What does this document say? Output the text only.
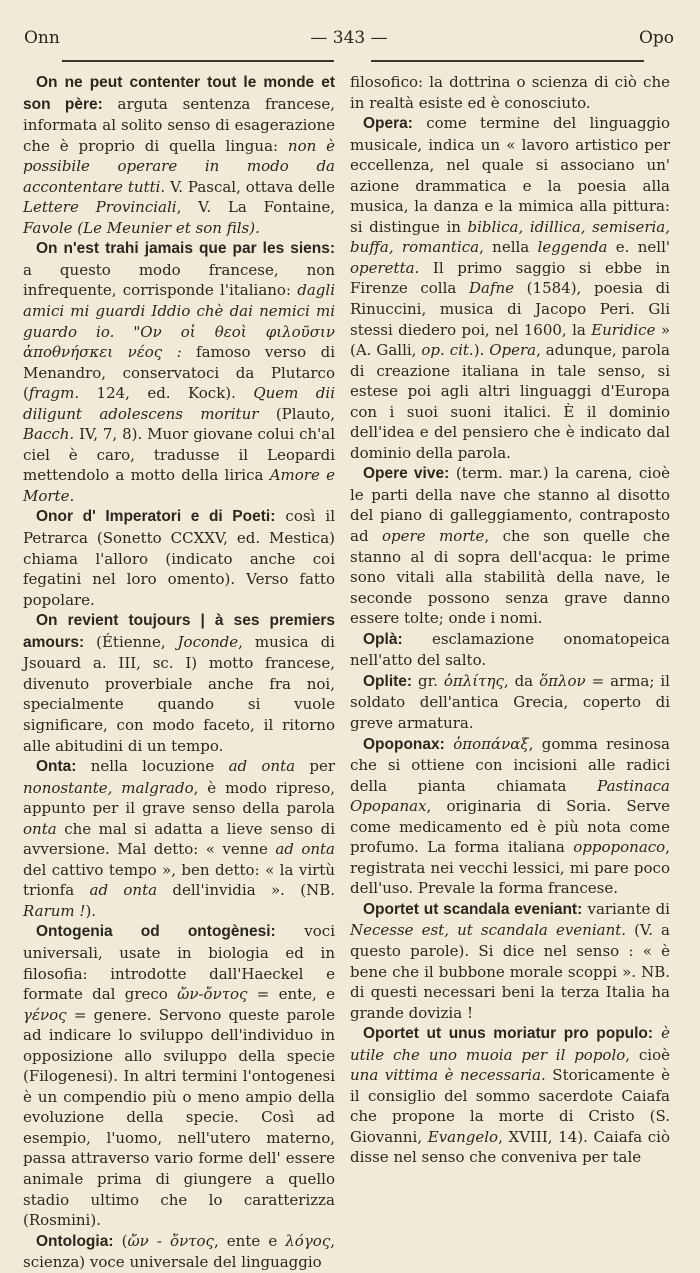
Onn	— 343 —	Opo

On ne peut contenter tout le monde et son père: arguta sentenza francese, informata al solito senso di esagerazione che è proprio di quella lingua: non è possibile operare in modo da accontentare tutti. V. Pascal, ottava delle Lettere Provinciali, V. La Fontaine, Favole (Le Meunier et son fils).

On n'est trahi jamais que par les siens: a questo modo francese, non infrequente, corrisponde l'italiano: dagli amici mi guardi Iddio chè dai nemici mi guardo io. "Ον οἱ θεοὶ φιλοῦσιν ἀποθνήσκει νέος : famoso verso di Menandro, conservatoci da Plutarco (fragm. 124, ed. Kock). Quem dii diligunt adolescens moritur (Plauto, Bacch. IV, 7, 8). Muor giovane colui ch'al ciel è caro, tradusse il Leopardi mettendolo a motto della lirica Amore e Morte.

Onor d' Imperatori e di Poeti: così il Petrarca (Sonetto CCXXV, ed. Mestica) chiama l'alloro (indicato anche coi fegatini nel loro omento). Verso fatto popolare.

On revient toujours | à ses premiers amours: (Étienne, Joconde, musica di Jsouard a. III, sc. I) motto francese, divenuto proverbiale anche fra noi, specialmente quando si vuole significare, con modo faceto, il ritorno alle abitudini di un tempo.

Onta: nella locuzione ad onta per nonostante, malgrado, è modo ripreso, appunto per il grave senso della parola onta che mal si adatta a lieve senso di avversione. Mal detto: « venne ad onta del cattivo tempo », ben detto: « la virtù trionfa ad onta dell'invidia ». (NB. Rarum !).

Ontogenia od ontogènesi: voci universali, usate in biologia ed in filosofia: introdotte dall'Haeckel e formate dal greco ὤν-ὄντος = ente, e γένος = genere. Servono queste parole ad indicare lo sviluppo dell'individuo in opposizione allo sviluppo della specie (Filogenesi). In altri termini l'ontogenesi è un compendio più o meno ampio della evoluzione della specie. Così ad esempio, l'uomo, nell'utero materno, passa attraverso vario forme dell' essere animale prima di giungere a quello stadio ultimo che lo caratterizza (Rosmini).

Ontologia: (ὤν - ὄντος, ente e λόγος, scienza) voce universale del linguaggio

filosofico: la dottrina o scienza di ciò che in realtà esiste ed è conosciuto.

Opera: come termine del linguaggio musicale, indica un « lavoro artistico per eccellenza, nel quale si associano un' azione drammatica e la poesia alla musica, la danza e la mimica alla pittura: si distingue in biblica, idillica, semiseria, buffa, romantica, nella leggenda e. nell' operetta. Il primo saggio si ebbe in Firenze colla Dafne (1584), poesia di Rinuccini, musica di Jacopo Peri. Gli stessi diedero poi, nel 1600, la Euridice » (A. Galli, op. cit.). Opera, adunque, parola di creazione italiana in tale senso, si estese poi agli altri linguaggi d'Europa con i suoi suoni italici. È il dominio dell'idea e del pensiero che è indicato dal dominio della parola.

Opere vive: (term. mar.) la carena, cioè le parti della nave che stanno al disotto del piano di galleggiamento, contraposto ad opere morte, che son quelle che stanno al di sopra dell'acqua: le prime sono vitali alla stabilità della nave, le seconde possono senza grave danno essere tolte; onde i nomi.

Oplà: esclamazione onomatopeica nell'atto del salto.

Oplite: gr. ὁπλίτης, da ὅπλον = arma; il soldato dell'antica Grecia, coperto di greve armatura.

Opoponax: ὀποπάναξ, gomma resinosa che si ottiene con incisioni alle radici della pianta chiamata Pastinaca Opopanax, originaria di Soria. Serve come medicamento ed è più nota come profumo. La forma italiana oppoponaco, registrata nei vecchi lessici, mi pare poco dell'uso. Prevale la forma francese.

Oportet ut scandala eveniant: variante di Necesse est, ut scandala eveniant. (V. a questo parole). Si dice nel senso : « è bene che il bubbone morale scoppi ». NB. di questi necessari beni la terza Italia ha grande dovizia !

Oportet ut unus moriatur pro populo: è utile che uno muoia per il popolo, cioè una vittima è necessaria. Storicamente è il consiglio del sommo sacerdote Caiafa che propone la morte di Cristo (S. Giovanni, Evangelo, XVIII, 14). Caiafa ciò disse nel senso che conveniva per tale
